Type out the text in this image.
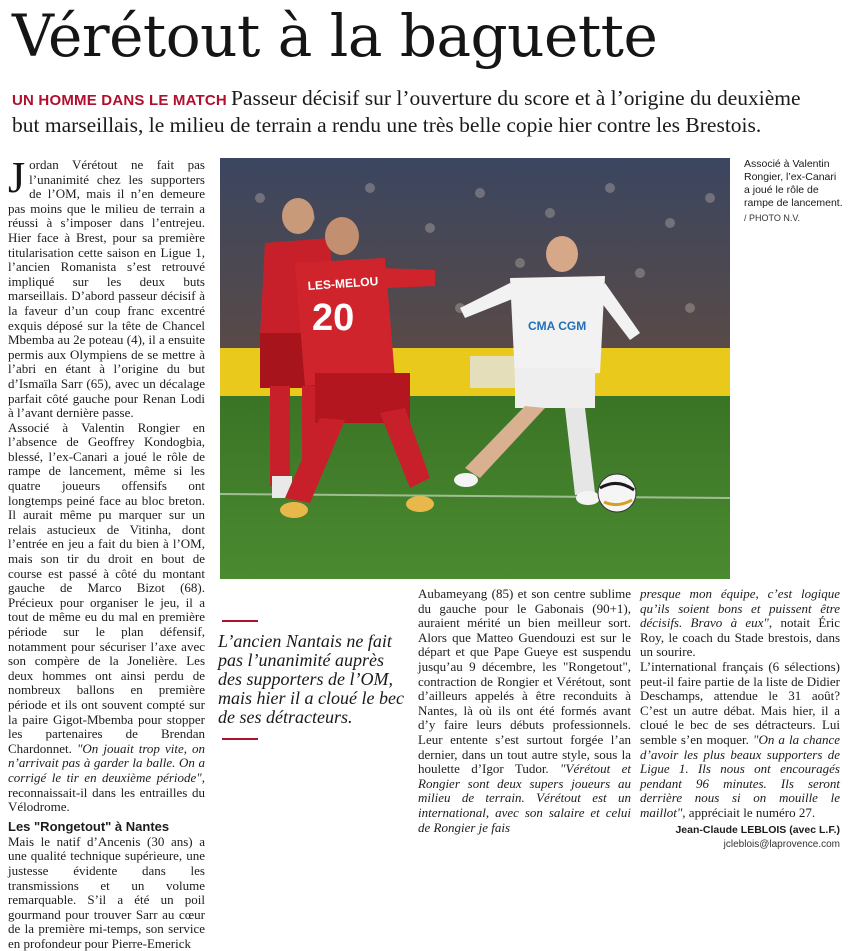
Vérétout à la baguette
UN HOMME DANS LE MATCH Passeur décisif sur l’ouverture du score et à l’origine du deuxième but marseillais, le milieu de terrain a rendu une très belle copie hier contre les Brestois.
J ordan Vérétout ne fait pas l’unanimité chez les supporters de l’OM, mais il n’en demeure pas moins que le milieu de terrain a réussi à s’imposer dans l’entrejeu. Hier face à Brest, pour sa première titularisation cette saison en Ligue 1, l’ancien Romanista s’est retrouvé impliqué sur les deux buts marseillais. D’abord passeur décisif à la faveur d’un coup franc excentré exquis déposé sur la tête de Chancel Mbemba au 2e poteau (4), il a ensuite permis aux Olympiens de se mettre à l’abri en étant à l’origine du but d’Ismaïla Sarr (65), avec un décalage parfait côté gauche pour Renan Lodi à l’avant dernière passe.

Associé à Valentin Rongier en l’absence de Geoffrey Kondogbia, blessé, l’ex-Canari a joué le rôle de rampe de lancement, même si les quatre joueurs offensifs ont longtemps peiné face au bloc breton. Il aurait même pu marquer sur un relais astucieux de Vitinha, dont l’entrée en jeu a fait du bien à l’OM, mais son tir du droit en bout de course est passé à côté du montant gauche de Marco Bizot (68). Précieux pour organiser le jeu, il a tout de même eu du mal en première période sur le plan défensif, notamment pour sécuriser l’axe avec son compère de la Jonelière. Les deux hommes ont ainsi perdu de nombreux ballons en première période et ils ont souvent compté sur la paire Gigot-Mbemba pour stopper les partenaires de Brendan Chardonnet. "On jouait trop vite, on n’arrivait pas à garder la balle. On a corrigé le tir en deuxième période", reconnaissait-il dans les entrailles du Vélodrome.

Les "Rongetout" à Nantes

Mais le natif d’Ancenis (30 ans) a une qualité technique supérieure, une justesse évidente dans les transmissions et un volume remarquable. S’il a été un poil gourmand pour trouver Sarr au cœur de la première mi-temps, son service en profondeur pour Pierre-Emerick

20
LES-MELOU
CMA CGM
Associé à Valentin Rongier, l’ex-Canari a joué le rôle de rampe de lancement.
/ PHOTO N.V.
L’ancien Nantais ne fait pas l’unanimité auprès des supporters de l’OM, mais hier il a cloué le bec de ses détracteurs.

Aubameyang (85) et son centre sublime du gauche pour le Gabonais (90+1), auraient mérité un bien meilleur sort. Alors que Matteo Guendouzi est sur le départ et que Pape Gueye est suspendu jusqu’au 9 décembre, les "Rongetout", contraction de Rongier et Vérétout, sont d’ailleurs appelés à être reconduits à Nantes, là où ils ont été formés avant d’y faire leurs débuts professionnels. Leur entente s’est surtout forgée l’an dernier, dans un tout autre style, sous la houlette d’Igor Tudor. "Vérétout et Rongier sont deux supers joueurs au milieu de terrain. Vérétout est un international, avec son salaire et celui de Rongier je fais

presque mon équipe, c’est logique qu’ils soient bons et puissent être décisifs. Bravo à eux", notait Éric Roy, le coach du Stade brestois, dans un sourire.

L’international français (6 sélections) peut-il faire partie de la liste de Didier Deschamps, attendue le 31 août? C’est un autre débat. Mais hier, il a cloué le bec de ses détracteurs. Lui semble s’en moquer. "On a la chance d’avoir les plus beaux supporters de Ligue 1. Ils nous ont encouragés pendant 96 minutes. Ils seront derrière nous si on mouille le maillot", appréciait le numéro 27.

Jean-Claude LEBLOIS (avec L.F.)
jcleblois@laprovence.com
